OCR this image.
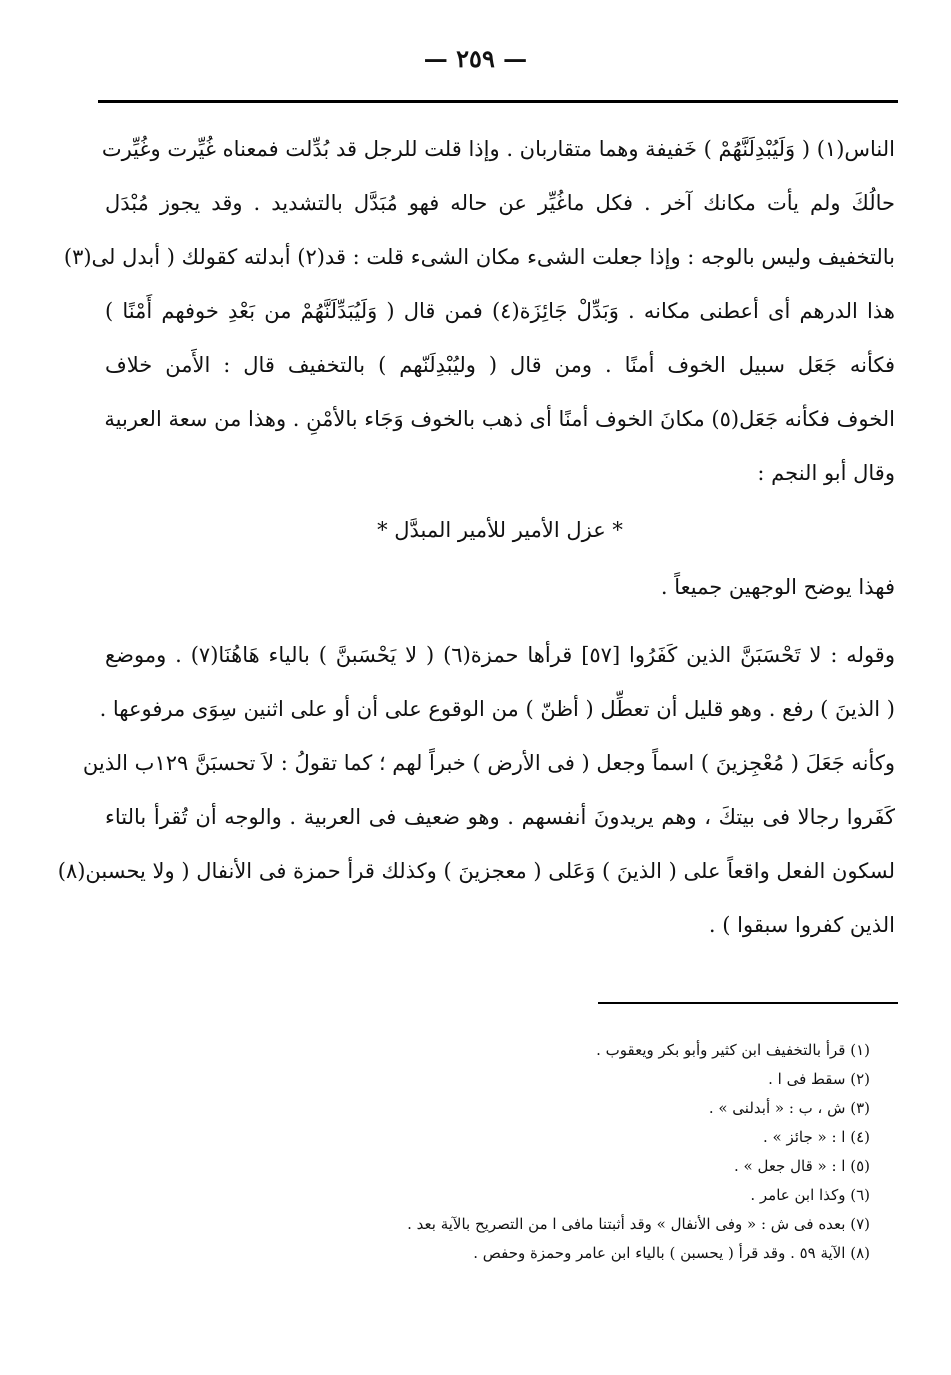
— ٢٥٩ —
الناس(١) ( وَلَيُبْدِلَنَّهُمْ ) خَفيفة وهما متقاربان . وإذا قلت للرجل قد بُدِّلت فمعناه غُيِّرت وغُيِّرت
حالُكَ ولم يأت مكانك آخر . فكل ماغُيِّر عن حاله فهو مُبَدَّل بالتشديد . وقد يجوز مُبْدَل
بالتخفيف وليس بالوجه : وإذا جعلت الشىء مكان الشىء قلت : قد(٢) أبدلته كقولك ( أبدل لى(٣)
هذا الدرهم أى أعطنى مكانه . وَبَدِّلْ جَائِزَة(٤) فمن قال ( وَلَيُبَدِّلَنَّهُمْ من بَعْدِ خوفهم أَمْنًا )
فكأنه جَعَل سبيل الخوف أمنًا . ومن قال ( وليُبْدِلَنّهم ) بالتخفيف قال : الأَمن خلاف
الخوف فكأنه جَعَل(٥) مكانَ الخوف أمنًا أى ذهب بالخوف وَجَاء بالأمْنِ . وهذا من سعة العربية
وقال أبو النجم :
* عزل الأمير للأمير المبدَّل *
فهذا يوضح الوجهين جميعاً .
وقوله : لا تَحْسَبَنَّ الذين كَفَرُوا [٥٧] قرأها حمزة(٦) ( لا يَحْسَبنَّ ) بالياء هَاهُنَا(٧) . وموضع
( الذينَ ) رفع . وهو قليل أن تعطِّل ( أظنّ ) من الوقوع على أن أو على اثنين سِوَى مرفوعها .
وكأنه جَعَلَ ( مُعْجِزينَ ) اسماً وجعل ( فى الأرض ) خبراً لهم ؛ كما تقولُ : لاَ تحسبَنَّ ١٢٩ب الذين
كَفَروا رجالا فى بيتكَ ، وهم يريدونَ أنفسهم . وهو ضعيف فى العربية . والوجه أن تُقرأ بالتاء
لسكون الفعل واقعاً على ( الذينَ ) وَعَلى ( معجزينَ ) وكذلك قرأ حمزة فى الأنفال ( ولا يحسبن(٨)
الذين كفروا سبقوا ) .
(١) قرأ بالتخفيف ابن كثير وأبو بكر ويعقوب .
(٢) سقط فى ا .
(٣) ش ، ب : « أبدلنى » .
(٤) ا : « جائز » .
(٥) ا : « قال جعل » .
(٦) وكذا ابن عامر .
(٧) بعده فى ش : « وفى الأنفال » وقد أثبتنا مافى ا من التصريح بالآية بعد .
(٨) الآية ٥٩ . وقد قرأ ( يحسبن ) بالياء ابن عامر وحمزة وحفص .
